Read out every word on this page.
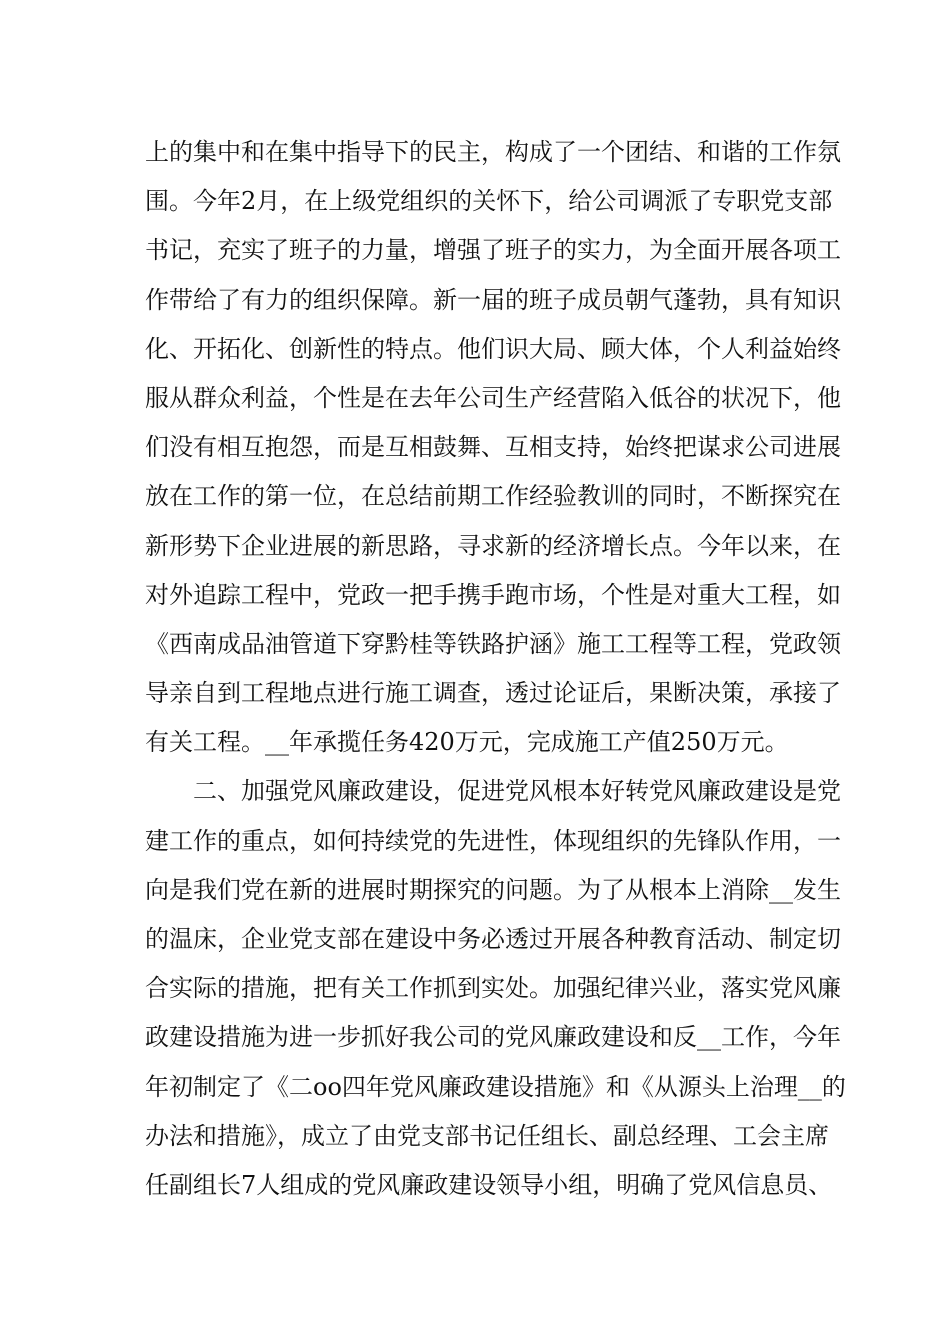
上的集中和在集中指导下的民主，构成了一个团结、和谐的工作氛
围。今年2月，在上级党组织的关怀下，给公司调派了专职党支部
书记，充实了班子的力量，增强了班子的实力，为全面开展各项工
作带给了有力的组织保障。新一届的班子成员朝气蓬勃，具有知识
化、开拓化、创新性的特点。他们识大局、顾大体，个人利益始终
服从群众利益，个性是在去年公司生产经营陷入低谷的状况下，他
们没有相互抱怨，而是互相鼓舞、互相支持，始终把谋求公司进展
放在工作的第一位，在总结前期工作经验教训的同时，不断探究在
新形势下企业进展的新思路，寻求新的经济增长点。今年以来，在
对外追踪工程中，党政一把手携手跑市场，个性是对重大工程，如
《西南成品油管道下穿黔桂等铁路护涵》施工工程等工程，党政领
导亲自到工程地点进行施工调查，透过论证后，果断决策，承接了
有关工程。__年承揽任务420万元，完成施工产值250万元。
二、加强党风廉政建设，促进党风根本好转党风廉政建设是党
建工作的重点，如何持续党的先进性，体现组织的先锋队作用，一
向是我们党在新的进展时期探究的问题。为了从根本上消除__发生
的温床，企业党支部在建设中务必透过开展各种教育活动、制定切
合实际的措施，把有关工作抓到实处。加强纪律兴业，落实党风廉
政建设措施为进一步抓好我公司的党风廉政建设和反__工作，今年
年初制定了《二oo四年党风廉政建设措施》和《从源头上治理__的
办法和措施》，成立了由党支部书记任组长、副总经理、工会主席
任副组长7人组成的党风廉政建设领导小组，明确了党风信息员、
